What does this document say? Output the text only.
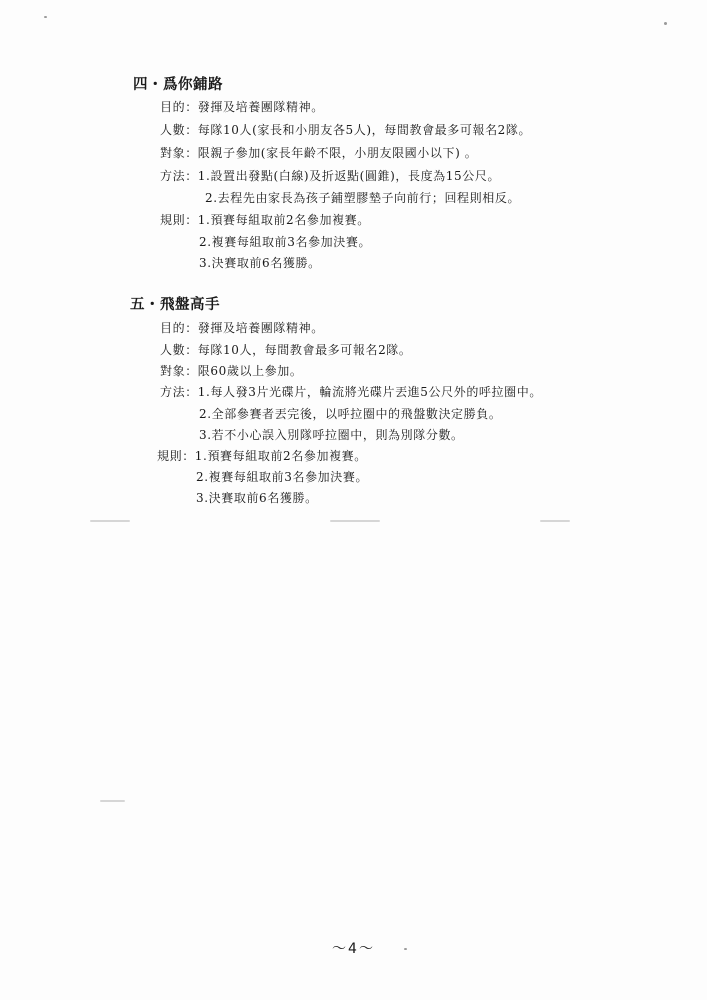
四・爲你鋪路
目的：發揮及培養團隊精神。
人數：每隊10人(家長和小朋友各5人)，每間教會最多可報名2隊。
對象：限親子參加(家長年齡不限，小朋友限國小以下) 。
方法：1.設置出發點(白線)及折返點(圓錐)，長度為15公尺。
2.去程先由家長為孩子鋪塑膠墊子向前行；回程則相反。
規則：1.預賽每組取前2名參加複賽。
2.複賽每組取前3名參加決賽。
3.決賽取前6名獲勝。
五・飛盤高手
目的：發揮及培養團隊精神。
人數：每隊10人，每間教會最多可報名2隊。
對象：限60歲以上參加。
方法：1.每人發3片光碟片，輪流將光碟片丟進5公尺外的呼拉圈中。
2.全部參賽者丟完後，以呼拉圈中的飛盤數決定勝負。
3.若不小心誤入別隊呼拉圈中，則為別隊分數。
規則：1.預賽每組取前2名參加複賽。
2.複賽每組取前3名參加決賽。
3.決賽取前6名獲勝。
～4～
